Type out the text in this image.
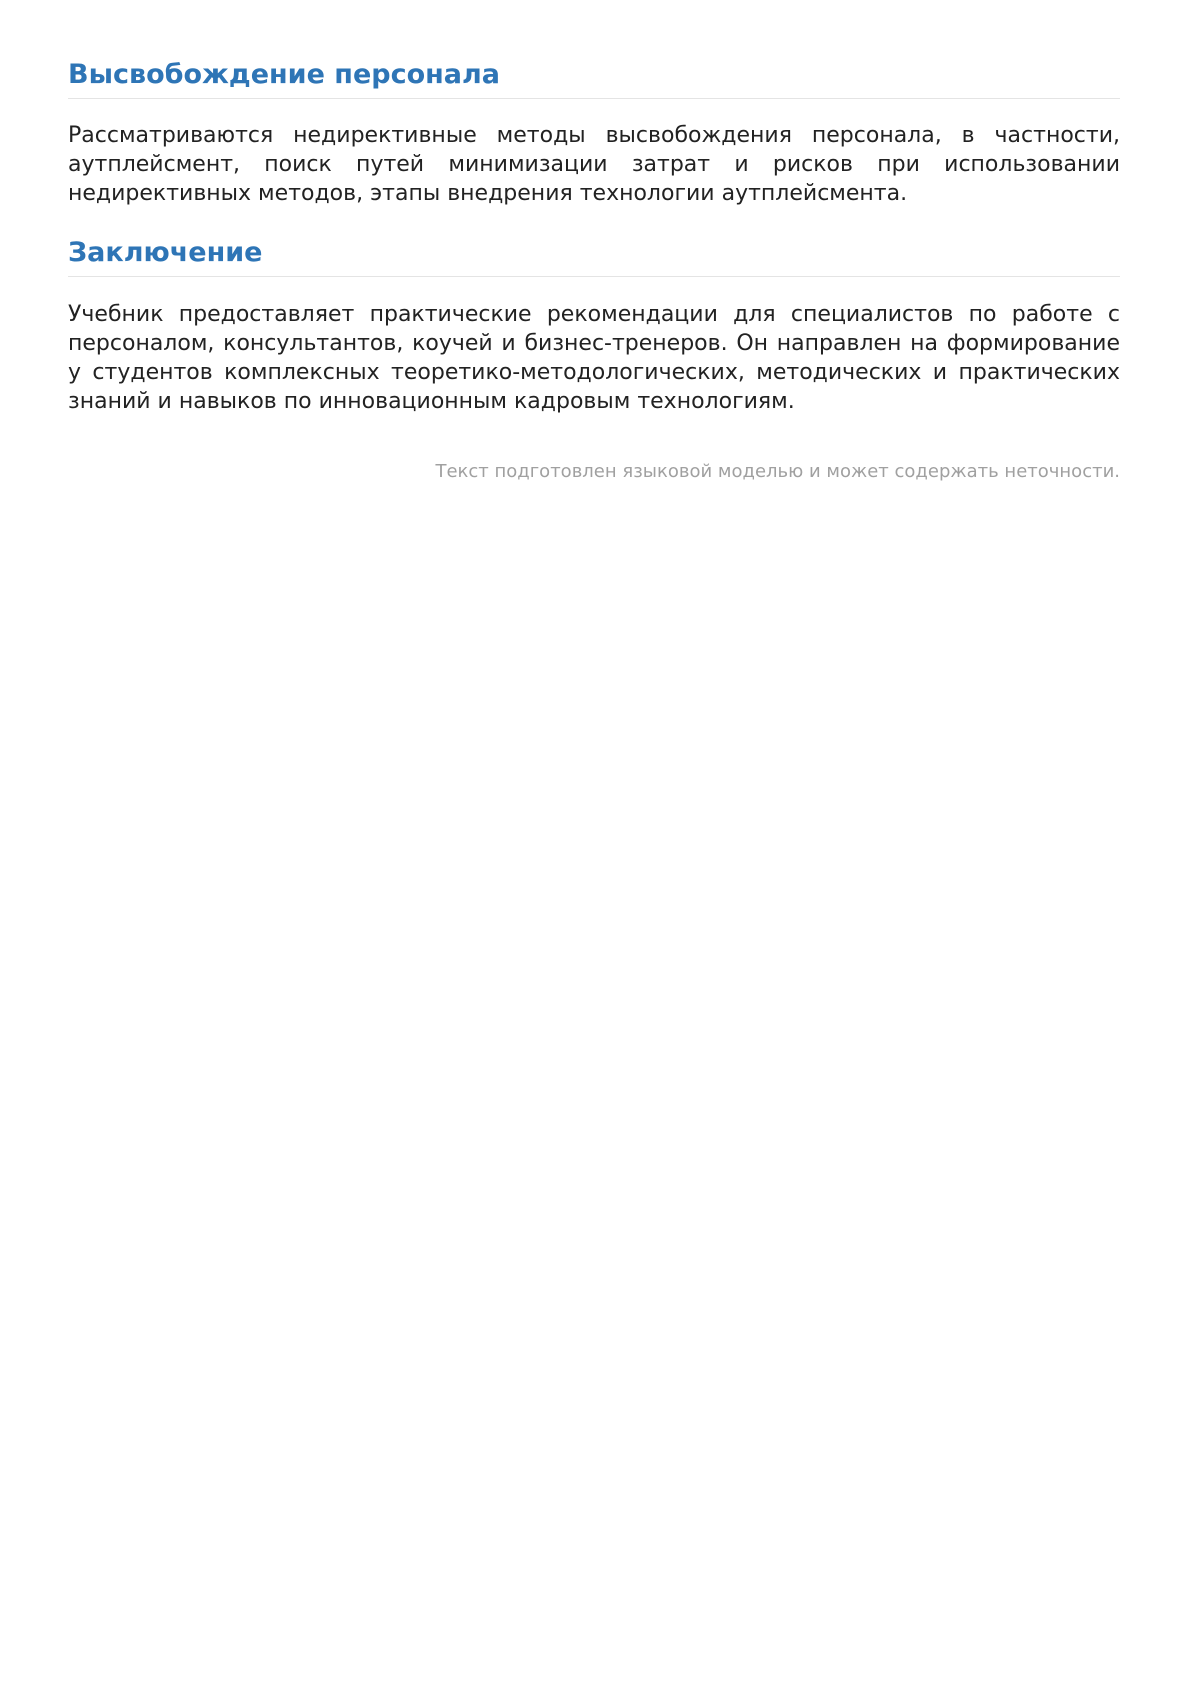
Высвобождение персонала

Рассматриваются недирективные методы высвобождения персонала, в частности, аутплейсмент, поиск путей минимизации затрат и рисков при использовании недирективных методов, этапы внедрения технологии аутплейсмента.

Заключение

Учебник предоставляет практические рекомендации для специалистов по работе с персоналом, консультантов, коучей и бизнес-тренеров. Он направлен на формирование у студентов комплексных теоретико-методологических, методических и практических знаний и навыков по инновационным кадровым технологиям.

Текст подготовлен языковой моделью и может содержать неточности.
